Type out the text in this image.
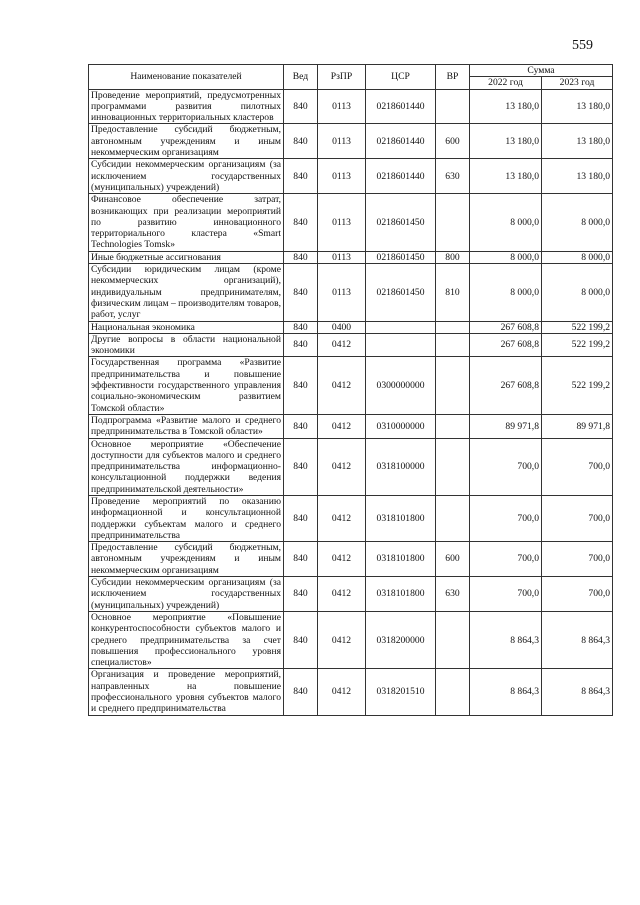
559
Наименование показателей	Вед	РзПР	ЦСР	ВР	Сумма	
					2022 год	2023 год
Проведение мероприятий, предусмотренных программами развития пилотных инновационных территориальных кластеров	840	0113	0218601440		13 180,0	13 180,0
Предоставление субсидий бюджетным, автономным учреждениям и иным некоммерческим организациям	840	0113	0218601440	600	13 180,0	13 180,0
Субсидии некоммерческим организациям (за исключением государственных (муниципальных) учреждений)	840	0113	0218601440	630	13 180,0	13 180,0
Финансовое обеспечение затрат, возникающих при реализации мероприятий по развитию инновационного территориального кластера «Smart Technologies Tomsk»	840	0113	0218601450		8 000,0	8 000,0
Иные бюджетные ассигнования	840	0113	0218601450	800	8 000,0	8 000,0
Субсидии юридическим лицам (кроме некоммерческих организаций), индивидуальным предпринимателям, физическим лицам – производителям товаров, работ, услуг	840	0113	0218601450	810	8 000,0	8 000,0
Национальная экономика	840	0400			267 608,8	522 199,2
Другие вопросы в области национальной экономики	840	0412			267 608,8	522 199,2
Государственная программа «Развитие предпринимательства и повышение эффективности государственного управления социально-экономическим развитием Томской области»	840	0412	0300000000		267 608,8	522 199,2
Подпрограмма «Развитие малого и среднего предпринимательства в Томской области»	840	0412	0310000000		89 971,8	89 971,8
Основное мероприятие «Обеспечение доступности для субъектов малого и среднего предпринимательства информационно-консультационной поддержки ведения предпринимательской деятельности»	840	0412	0318100000		700,0	700,0
Проведение мероприятий по оказанию информационной и консультационной поддержки субъектам малого и среднего предпринимательства	840	0412	0318101800		700,0	700,0
Предоставление субсидий бюджетным, автономным учреждениям и иным некоммерческим организациям	840	0412	0318101800	600	700,0	700,0
Субсидии некоммерческим организациям (за исключением государственных (муниципальных) учреждений)	840	0412	0318101800	630	700,0	700,0
Основное мероприятие «Повышение конкурентоспособности субъектов малого и среднего предпринимательства за счет повышения профессионального уровня специалистов»	840	0412	0318200000		8 864,3	8 864,3
Организация и проведение мероприятий, направленных на повышение профессионального уровня субъектов малого и среднего предпринимательства	840	0412	0318201510		8 864,3	8 864,3
